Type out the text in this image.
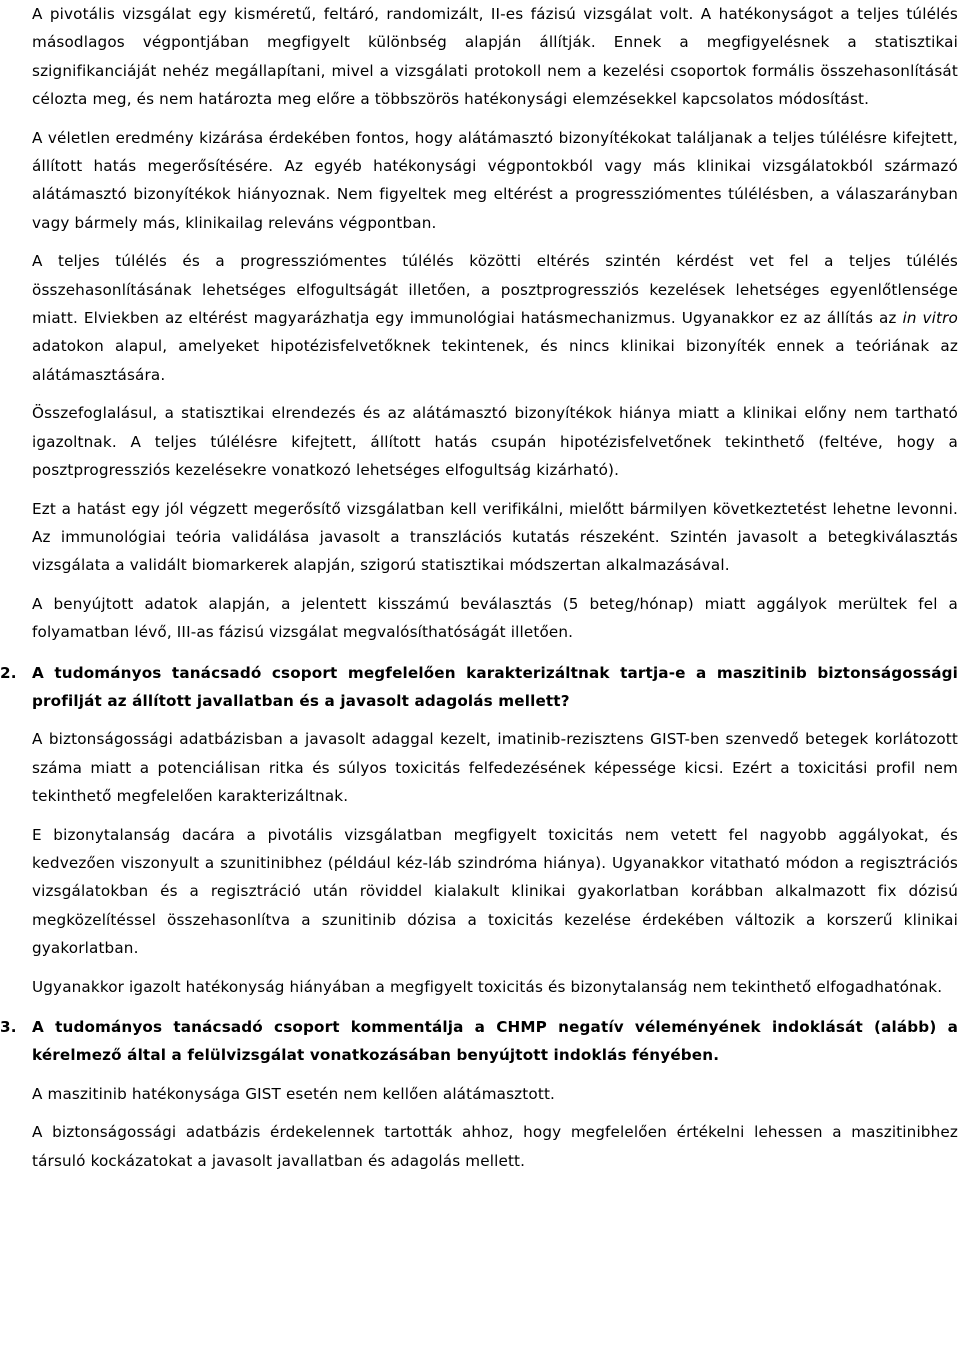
A pivotális vizsgálat egy kisméretű, feltáró, randomizált, II-es fázisú vizsgálat volt. A hatékonyságot a teljes túlélés másodlagos végpontjában megfigyelt különbség alapján állítják. Ennek a megfigyelésnek a statisztikai szignifikanciáját nehéz megállapítani, mivel a vizsgálati protokoll nem a kezelési csoportok formális összehasonlítását célozta meg, és nem határozta meg előre a többszörös hatékonysági elemzésekkel kapcsolatos módosítást.

A véletlen eredmény kizárása érdekében fontos, hogy alátámasztó bizonyítékokat találjanak a teljes túlélésre kifejtett, állított hatás megerősítésére. Az egyéb hatékonysági végpontokból vagy más klinikai vizsgálatokból származó alátámasztó bizonyítékok hiányoznak. Nem figyeltek meg eltérést a progressziómentes túlélésben, a válaszarányban vagy bármely más, klinikailag releváns végpontban.

A teljes túlélés és a progressziómentes túlélés közötti eltérés szintén kérdést vet fel a teljes túlélés összehasonlításának lehetséges elfogultságát illetően, a posztprogressziós kezelések lehetséges egyenlőtlensége miatt. Elviekben az eltérést magyarázhatja egy immunológiai hatásmechanizmus. Ugyanakkor ez az állítás az in vitro adatokon alapul, amelyeket hipotézisfelvetőknek tekintenek, és nincs klinikai bizonyíték ennek a teóriának az alátámasztására.

Összefoglalásul, a statisztikai elrendezés és az alátámasztó bizonyítékok hiánya miatt a klinikai előny nem tartható igazoltnak. A teljes túlélésre kifejtett, állított hatás csupán hipotézisfelvetőnek tekinthető (feltéve, hogy a posztprogressziós kezelésekre vonatkozó lehetséges elfogultság kizárható).

Ezt a hatást egy jól végzett megerősítő vizsgálatban kell verifikálni, mielőtt bármilyen következtetést lehetne levonni. Az immunológiai teória validálása javasolt a transzlációs kutatás részeként. Szintén javasolt a betegkiválasztás vizsgálata a validált biomarkerek alapján, szigorú statisztikai módszertan alkalmazásával.

A benyújtott adatok alapján, a jelentett kisszámú beválasztás (5 beteg/hónap) miatt aggályok merültek fel a folyamatban lévő, III-as fázisú vizsgálat megvalósíthatóságát illetően.

2.	A tudományos tanácsadó csoport megfelelően karakterizáltnak tartja-e a maszitinib biztonságossági profilját az állított javallatban és a javasolt adagolás mellett?

A biztonságossági adatbázisban a javasolt adaggal kezelt, imatinib-rezisztens GIST-ben szenvedő betegek korlátozott száma miatt a potenciálisan ritka és súlyos toxicitás felfedezésének képessége kicsi. Ezért a toxicitási profil nem tekinthető megfelelően karakterizáltnak.

E bizonytalanság dacára a pivotális vizsgálatban megfigyelt toxicitás nem vetett fel nagyobb aggályokat, és kedvezően viszonyult a szunitinibhez (például kéz-láb szindróma hiánya). Ugyanakkor vitatható módon a regisztrációs vizsgálatokban és a regisztráció után röviddel kialakult klinikai gyakorlatban korábban alkalmazott fix dózisú megközelítéssel összehasonlítva a szunitinib dózisa a toxicitás kezelése érdekében változik a korszerű klinikai gyakorlatban.

Ugyanakkor igazolt hatékonyság hiányában a megfigyelt toxicitás és bizonytalanság nem tekinthető elfogadhatónak.

3.	A tudományos tanácsadó csoport kommentálja a CHMP negatív véleményének indoklását (alább) a kérelmező által a felülvizsgálat vonatkozásában benyújtott indoklás fényében.

A maszitinib hatékonysága GIST esetén nem kellően alátámasztott.

A biztonságossági adatbázis érdekelennek tartották ahhoz, hogy megfelelően értékelni lehessen a maszitinibhez társuló kockázatokat a javasolt javallatban és adagolás mellett.
